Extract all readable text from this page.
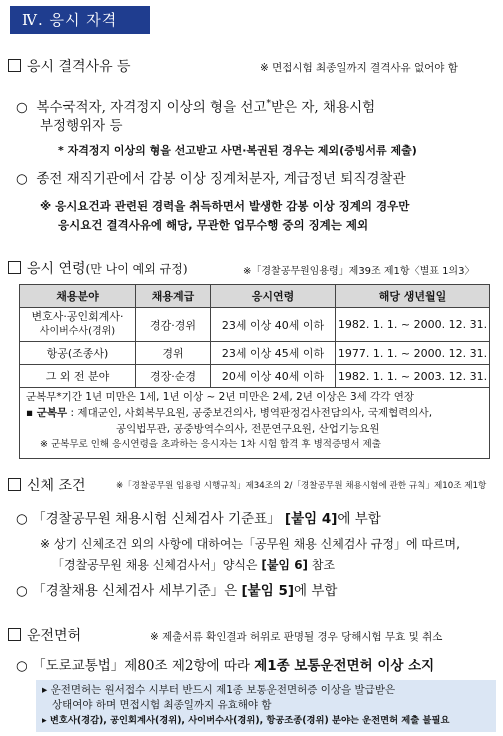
Ⅳ. 응시 자격
응시 결격사유 등	※ 면접시험 최종일까지 결격사유 없어야 함
○ 복수국적자, 자격정지 이상의 형을 선고*받은 자, 채용시험
부정행위자 등
* 자격정지 이상의 형을 선고받고 사면·복권된 경우는 제외(증빙서류 제출)
○ 종전 재직기관에서 감봉 이상 징계처분자, 계급정년 퇴직경찰관
※ 응시요건과 관련된 경력을 취득하면서 발생한 감봉 이상 징계의 경우만
응시요건 결격사유에 해당, 무관한 업무수행 중의 징계는 제외
응시 연령(만 나이 예외 규정)	※「경찰공무원임용령」제39조 제1항〈별표 1의3〉
채용분야	채용계급	응시연령	해당 생년월일
변호사·공인회계사·
사이버수사(경위)	경감·경위	23세 이상 40세 이하	1982. 1. 1. ~ 2000. 12. 31.
항공(조종사)	경위	23세 이상 45세 이하	1977. 1. 1. ~ 2000. 12. 31.
그 외 전 분야	경장·순경	20세 이상 40세 이하	1982. 1. 1. ~ 2003. 12. 31.
군복무*기간 1년 미만은 1세, 1년 이상 ~ 2년 미만은 2세, 2년 이상은 3세 각각 연장
▪ 군복무 : 제대군인, 사회복무요원, 공중보건의사, 병역판정검사전담의사, 국제협력의사,
공익법무관, 공중방역수의사, 전문연구요원, 산업기능요원
※ 군복무로 인해 응시연령을 초과하는 응시자는 1차 시험 합격 후 병적증명서 제출
신체 조건	※「경찰공무원 임용령 시행규칙」제34조의 2/「경찰공무원 채용시험에 관한 규칙」제10조 제1항
○ 「경찰공무원 채용시험 신체검사 기준표」 [붙임 4]에 부합
※ 상기 신체조건 외의 사항에 대하여는「공무원 채용 신체검사 규정」에 따르며,
「경찰공무원 채용 신체검사서」양식은 [붙임 6] 참조
○ 「경찰채용 신체검사 세부기준」은 [붙임 5]에 부합
운전면허	※ 제출서류 확인결과 허위로 판명될 경우 당해시험 무효 및 취소
○ 「도로교통법」제80조 제2항에 따라 제1종 보통운전면허 이상 소지
▸ 운전면허는 원서접수 시부터 반드시 제1종 보통운전면허증 이상을 발급받은
상태여야 하며 면접시험 최종일까지 유효해야 함
▸ 변호사(경감), 공인회계사(경위), 사이버수사(경위), 항공조종(경위) 분야는 운전면허 제출 불필요
